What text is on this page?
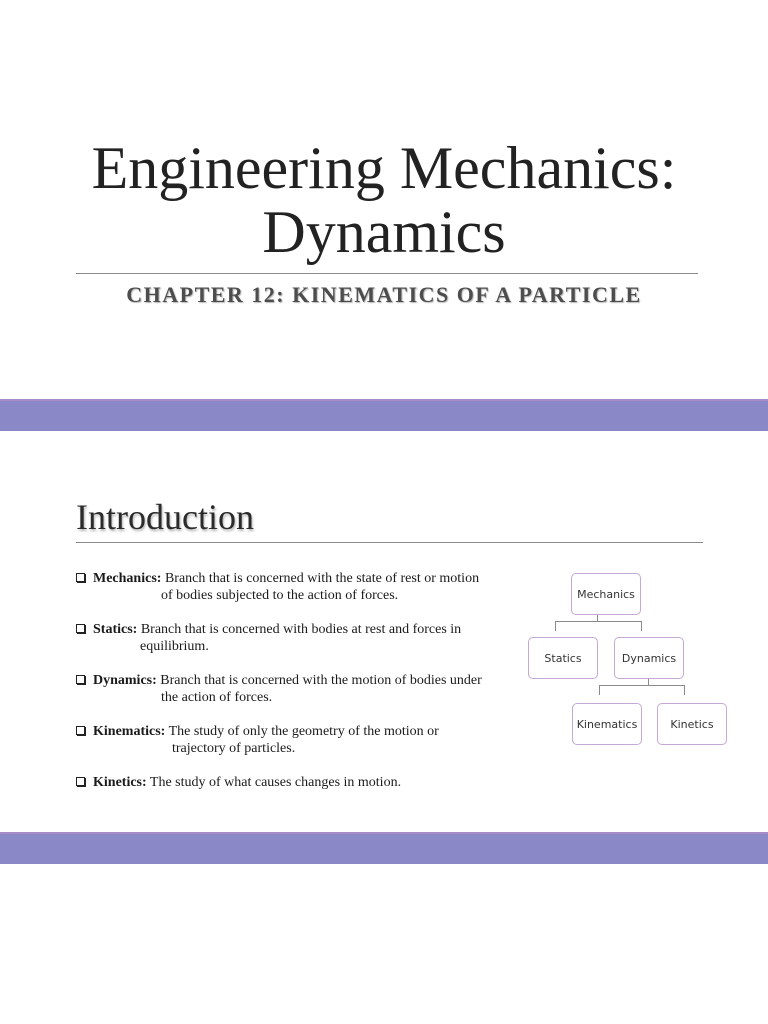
Engineering Mechanics:
Dynamics
CHAPTER 12: KINEMATICS OF A PARTICLE
Introduction
Mechanics: Branch that is concerned with the state of rest or motion
of bodies subjected to the action of forces.
Statics: Branch that is concerned with bodies at rest and forces in
equilibrium.
Dynamics: Branch that is concerned with the motion of bodies under
the action of forces.
Kinematics: The study of only the geometry of the motion or
trajectory of particles.
Kinetics: The study of what causes changes in motion.
Mechanics
Statics	Dynamics
Kinematics	Kinetics
